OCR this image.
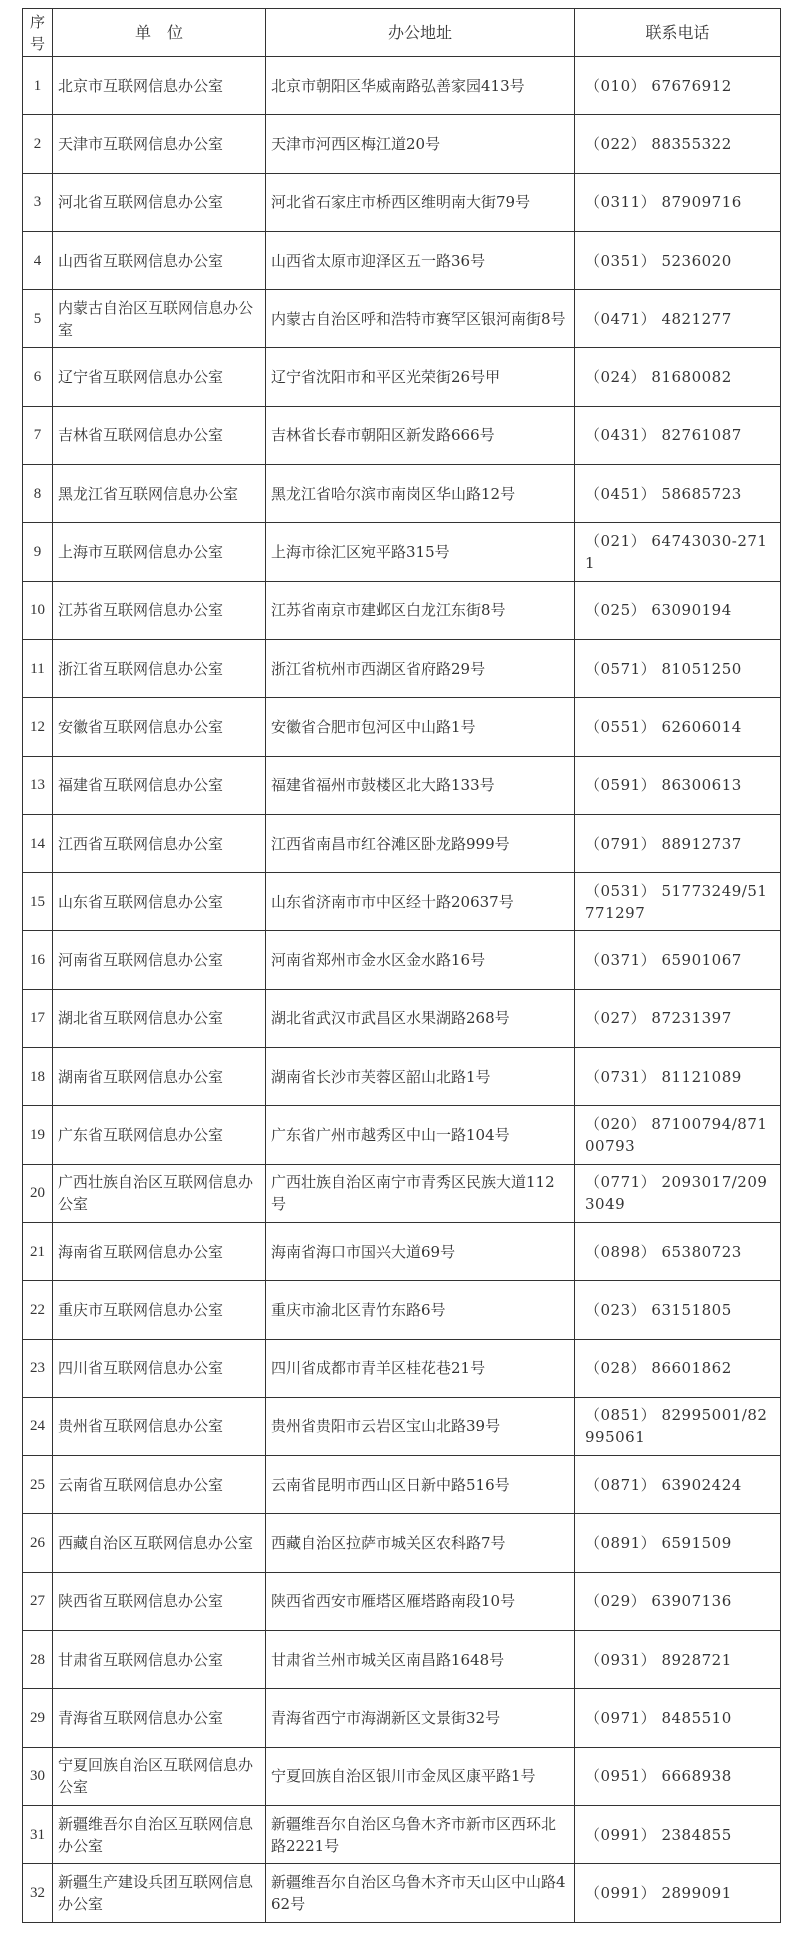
序号	单　位	办公地址	联系电话
1	北京市互联网信息办公室	北京市朝阳区华威南路弘善家园413号	（010） 67676912
2	天津市互联网信息办公室	天津市河西区梅江道20号	（022） 88355322
3	河北省互联网信息办公室	河北省石家庄市桥西区维明南大街79号	（0311） 87909716
4	山西省互联网信息办公室	山西省太原市迎泽区五一路36号	（0351） 5236020
5	内蒙古自治区互联网信息办公室	内蒙古自治区呼和浩特市赛罕区银河南街8号	（0471） 4821277
6	辽宁省互联网信息办公室	辽宁省沈阳市和平区光荣街26号甲	（024） 81680082
7	吉林省互联网信息办公室	吉林省长春市朝阳区新发路666号	（0431） 82761087
8	黑龙江省互联网信息办公室	黑龙江省哈尔滨市南岗区华山路12号	（0451） 58685723
9	上海市互联网信息办公室	上海市徐汇区宛平路315号	（021） 64743030-2711
10	江苏省互联网信息办公室	江苏省南京市建邺区白龙江东街8号	（025） 63090194
11	浙江省互联网信息办公室	浙江省杭州市西湖区省府路29号	（0571） 81051250
12	安徽省互联网信息办公室	安徽省合肥市包河区中山路1号	（0551） 62606014
13	福建省互联网信息办公室	福建省福州市鼓楼区北大路133号	（0591） 86300613
14	江西省互联网信息办公室	江西省南昌市红谷滩区卧龙路999号	（0791） 88912737
15	山东省互联网信息办公室	山东省济南市市中区经十路20637号	（0531） 51773249/51771297
16	河南省互联网信息办公室	河南省郑州市金水区金水路16号	（0371） 65901067
17	湖北省互联网信息办公室	湖北省武汉市武昌区水果湖路268号	（027） 87231397
18	湖南省互联网信息办公室	湖南省长沙市芙蓉区韶山北路1号	（0731） 81121089
19	广东省互联网信息办公室	广东省广州市越秀区中山一路104号	（020） 87100794/87100793
20	广西壮族自治区互联网信息办公室	广西壮族自治区南宁市青秀区民族大道112号	（0771） 2093017/2093049
21	海南省互联网信息办公室	海南省海口市国兴大道69号	（0898） 65380723
22	重庆市互联网信息办公室	重庆市渝北区青竹东路6号	（023） 63151805
23	四川省互联网信息办公室	四川省成都市青羊区桂花巷21号	（028） 86601862
24	贵州省互联网信息办公室	贵州省贵阳市云岩区宝山北路39号	（0851） 82995001/82995061
25	云南省互联网信息办公室	云南省昆明市西山区日新中路516号	（0871） 63902424
26	西藏自治区互联网信息办公室	西藏自治区拉萨市城关区农科路7号	（0891） 6591509
27	陕西省互联网信息办公室	陕西省西安市雁塔区雁塔路南段10号	（029） 63907136
28	甘肃省互联网信息办公室	甘肃省兰州市城关区南昌路1648号	（0931） 8928721
29	青海省互联网信息办公室	青海省西宁市海湖新区文景街32号	（0971） 8485510
30	宁夏回族自治区互联网信息办公室	宁夏回族自治区银川市金凤区康平路1号	（0951） 6668938
31	新疆维吾尔自治区互联网信息办公室	新疆维吾尔自治区乌鲁木齐市新市区西环北路2221号	（0991） 2384855
32	新疆生产建设兵团互联网信息办公室	新疆维吾尔自治区乌鲁木齐市天山区中山路462号	（0991） 2899091
